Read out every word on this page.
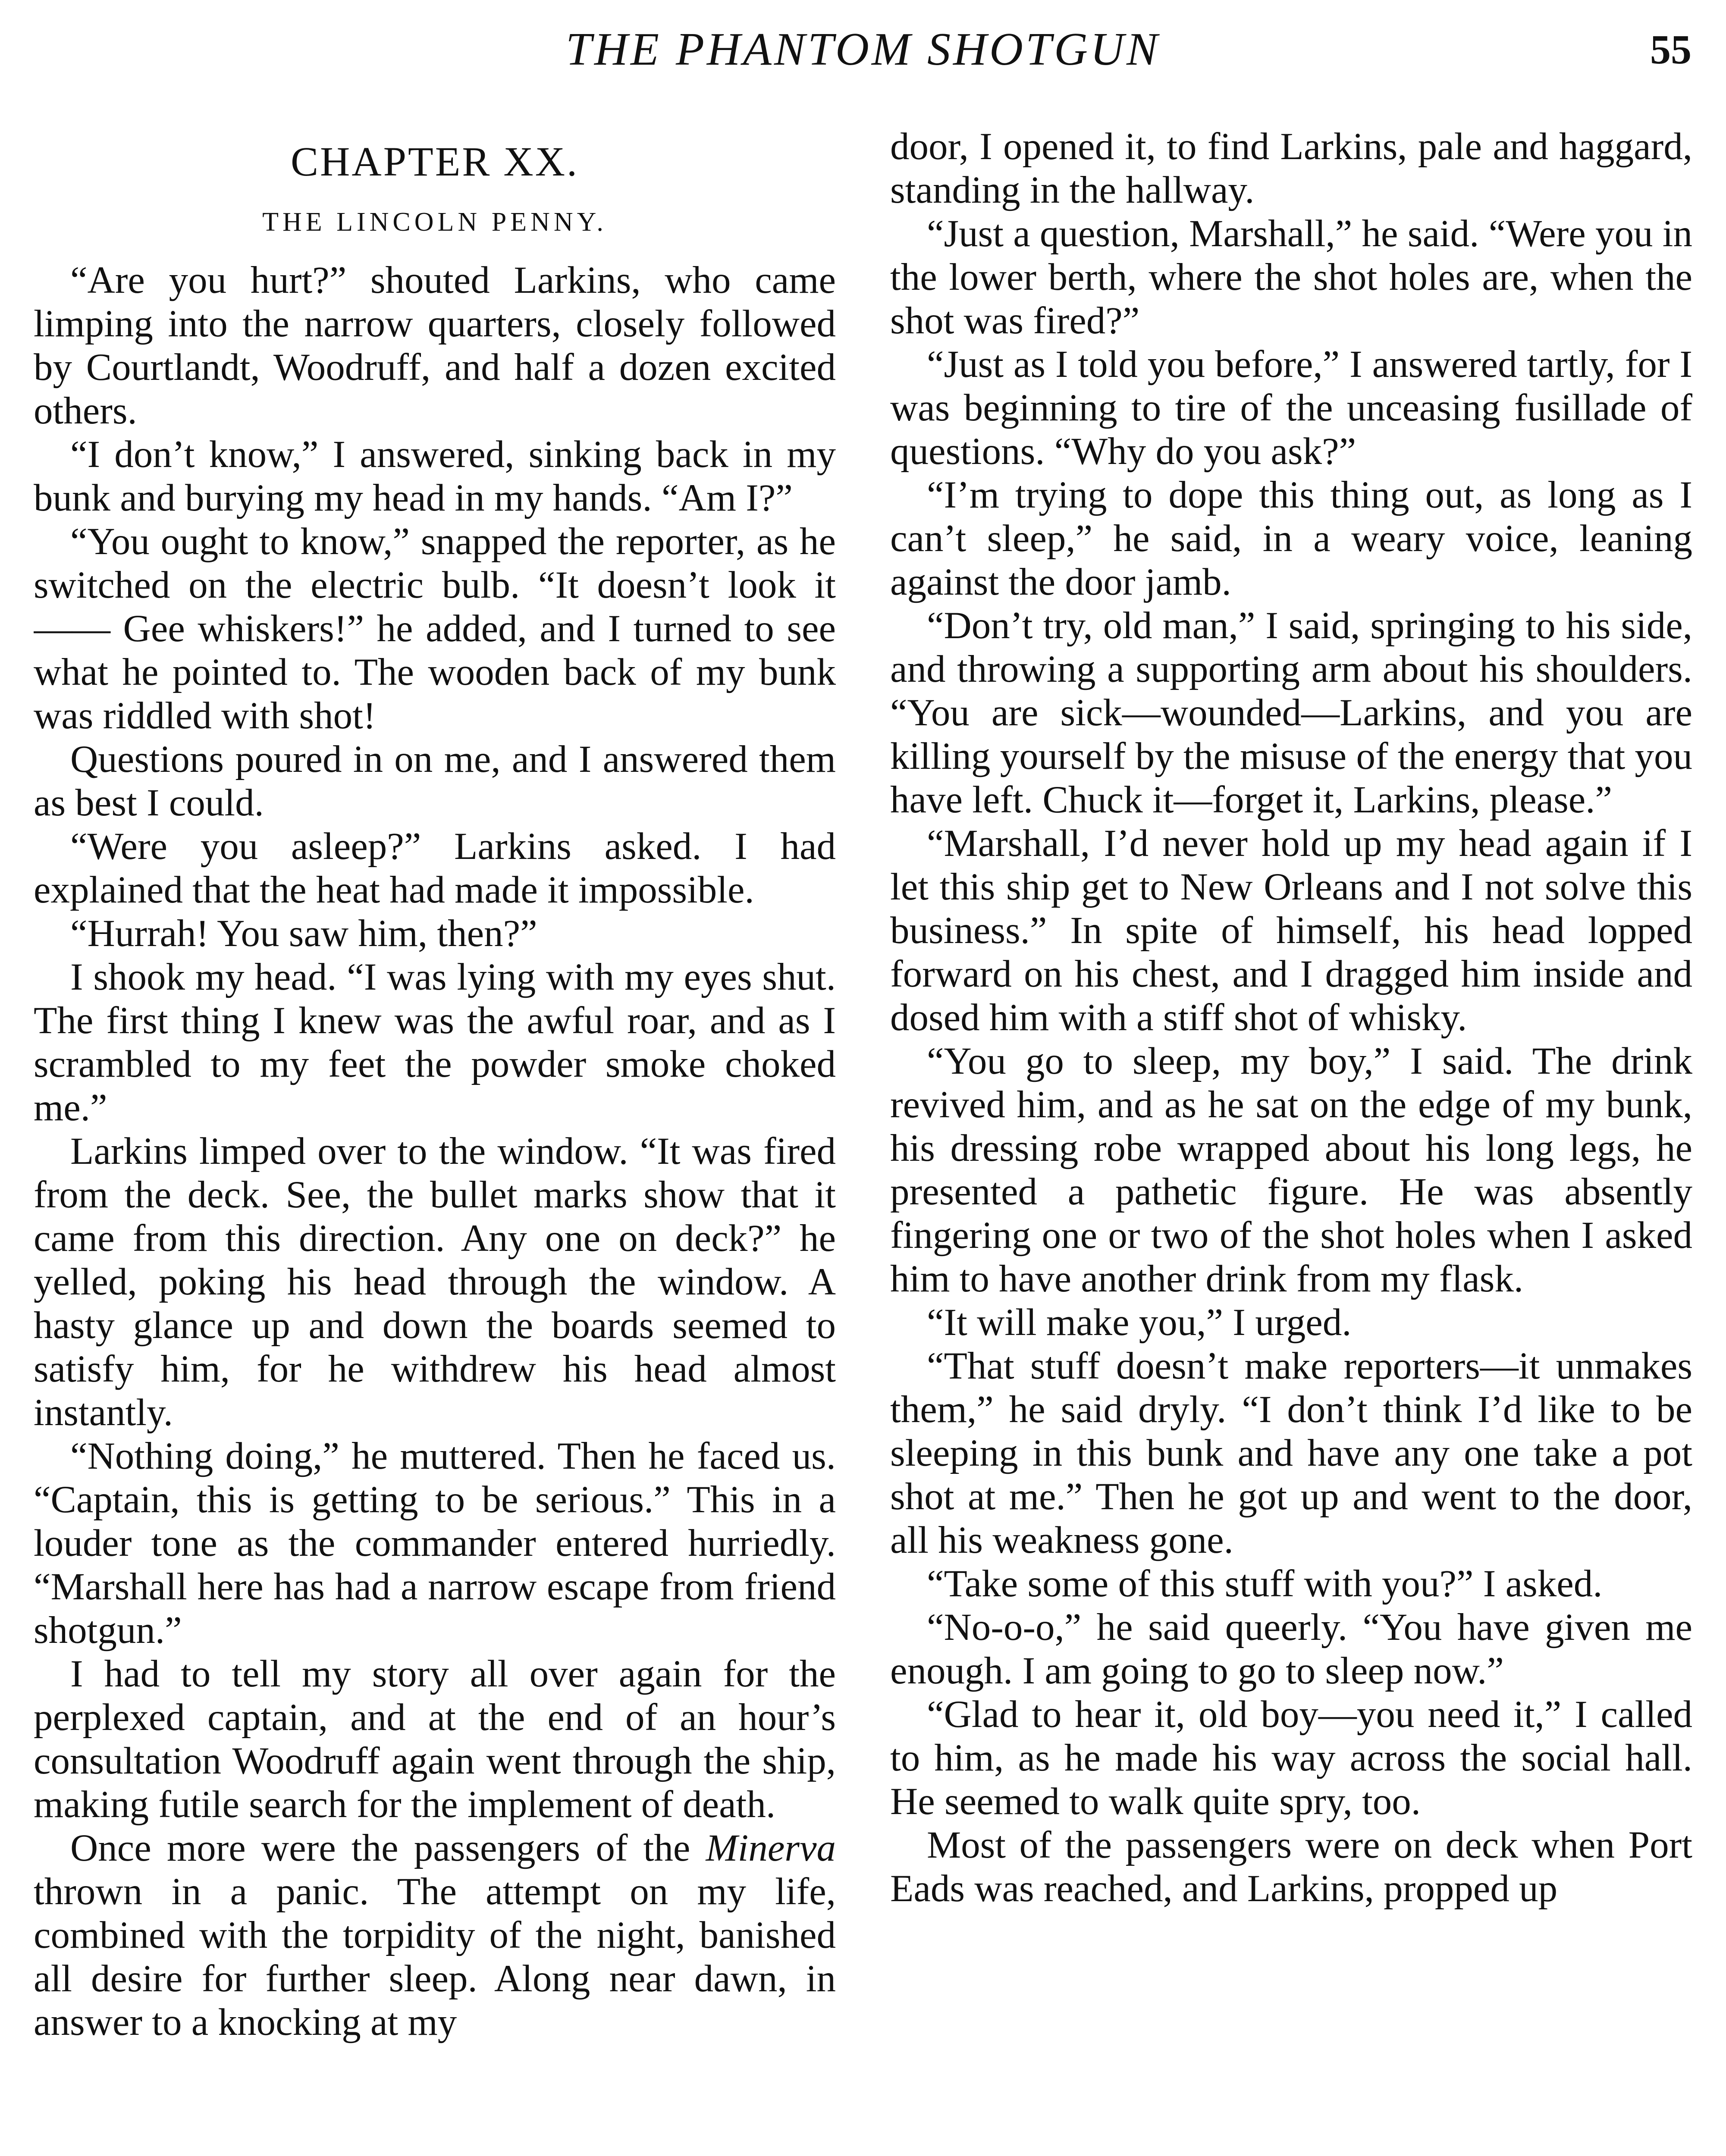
THE PHANTOM SHOTGUN	55
CHAPTER XX.
THE LINCOLN PENNY.

“Are you hurt?” shouted Larkins, who came limping into the narrow quarters, closely followed by Courtlandt, Woodruff, and half a dozen excited others.

“I don’t know,” I answered, sinking back in my bunk and burying my head in my hands. “Am I?”

“You ought to know,” snapped the reporter, as he switched on the electric bulb. “It doesn’t look it—— Gee whiskers!” he added, and I turned to see what he pointed to. The wooden back of my bunk was riddled with shot!

Questions poured in on me, and I answered them as best I could.

“Were you asleep?” Larkins asked. I had explained that the heat had made it impossible.

“Hurrah! You saw him, then?”

I shook my head. “I was lying with my eyes shut. The first thing I knew was the awful roar, and as I scrambled to my feet the powder smoke choked me.”

Larkins limped over to the window. “It was fired from the deck. See, the bullet marks show that it came from this direction. Any one on deck?” he yelled, poking his head through the window. A hasty glance up and down the boards seemed to satisfy him, for he withdrew his head almost instantly.

“Nothing doing,” he muttered. Then he faced us. “Captain, this is getting to be serious.” This in a louder tone as the commander entered hurriedly. “Marshall here has had a narrow escape from friend shotgun.”

I had to tell my story all over again for the perplexed captain, and at the end of an hour’s consultation Woodruff again went through the ship, making futile search for the implement of death.

Once more were the passengers of the Minerva thrown in a panic. The attempt on my life, combined with the torpidity of the night, banished all desire for further sleep. Along near dawn, in answer to a knocking at my

door, I opened it, to find Larkins, pale and haggard, standing in the hallway.

“Just a question, Marshall,” he said. “Were you in the lower berth, where the shot holes are, when the shot was fired?”

“Just as I told you before,” I answered tartly, for I was beginning to tire of the unceasing fusillade of questions. “Why do you ask?”

“I’m trying to dope this thing out, as long as I can’t sleep,” he said, in a weary voice, leaning against the door jamb.

“Don’t try, old man,” I said, springing to his side, and throwing a supporting arm about his shoulders. “You are sick—wounded—Larkins, and you are killing yourself by the misuse of the energy that you have left. Chuck it—forget it, Larkins, please.”

“Marshall, I’d never hold up my head again if I let this ship get to New Orleans and I not solve this business.” In spite of himself, his head lopped forward on his chest, and I dragged him inside and dosed him with a stiff shot of whisky.

“You go to sleep, my boy,” I said. The drink revived him, and as he sat on the edge of my bunk, his dressing robe wrapped about his long legs, he presented a pathetic figure. He was absently fingering one or two of the shot holes when I asked him to have another drink from my flask.

“It will make you,” I urged.

“That stuff doesn’t make reporters—it unmakes them,” he said dryly. “I don’t think I’d like to be sleeping in this bunk and have any one take a pot shot at me.” Then he got up and went to the door, all his weakness gone.

“Take some of this stuff with you?” I asked.

“No-o-o,” he said queerly. “You have given me enough. I am going to go to sleep now.”

“Glad to hear it, old boy—you need it,” I called to him, as he made his way across the social hall. He seemed to walk quite spry, too.

Most of the passengers were on deck when Port Eads was reached, and Larkins, propped up
